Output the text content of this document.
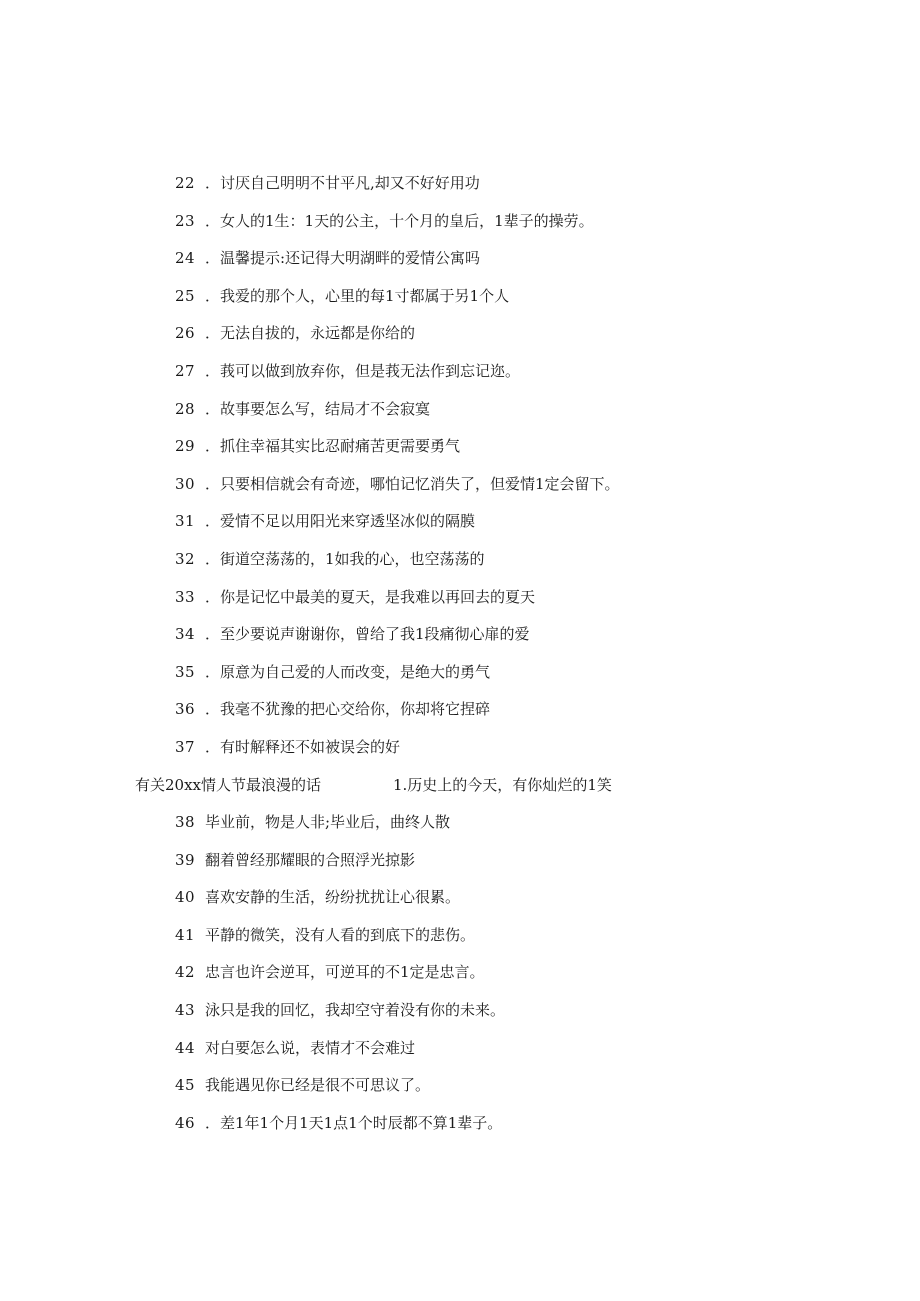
22 ．讨厌自己明明不甘平凡,却又不好好用功
23 ．女人的1生：1天的公主，十个月的皇后，1辈子的操劳。
24 ．温馨提示:还记得大明湖畔的爱情公寓吗
25 ．我爱的那个人，心里的每1寸都属于另1个人
26 ．无法自拔的，永远都是你给的
27 ．莪可以做到放弃你，但是莪无法作到忘记迩。
28 ．故事要怎么写，结局才不会寂寞
29 ．抓住幸福其实比忍耐痛苦更需要勇气
30 ．只要相信就会有奇迹，哪怕记忆消失了，但爱情1定会留下。
31 ．爱情不足以用阳光来穿透坚冰似的隔膜
32 ．街道空荡荡的，1如我的心，也空荡荡的
33 ．你是记忆中最美的夏天，是我难以再回去的夏天
34 ．至少要说声谢谢你，曾给了我1段痛彻心扉的爱
35 ．原意为自己爱的人而改变，是绝大的勇气
36 ．我毫不犹豫的把心交给你，你却将它捏碎
37 ．有时解释还不如被误会的好
有关20xx情人节最浪漫的话	1.历史上的今天，有你灿烂的1笑
38 毕业前，物是人非;毕业后，曲终人散
39 翻着曾经那耀眼的合照浮光掠影
40 喜欢安静的生活，纷纷扰扰让心很累。
41 平静的微笑，没有人看的到底下的悲伤。
42 忠言也许会逆耳，可逆耳的不1定是忠言。
43 泳只是我的回忆，我却空守着没有你的未来。
44 对白要怎么说，表情才不会难过
45 我能遇见你已经是很不可思议了。
46 ．差1年1个月1天1点1个时辰都不算1辈子。
